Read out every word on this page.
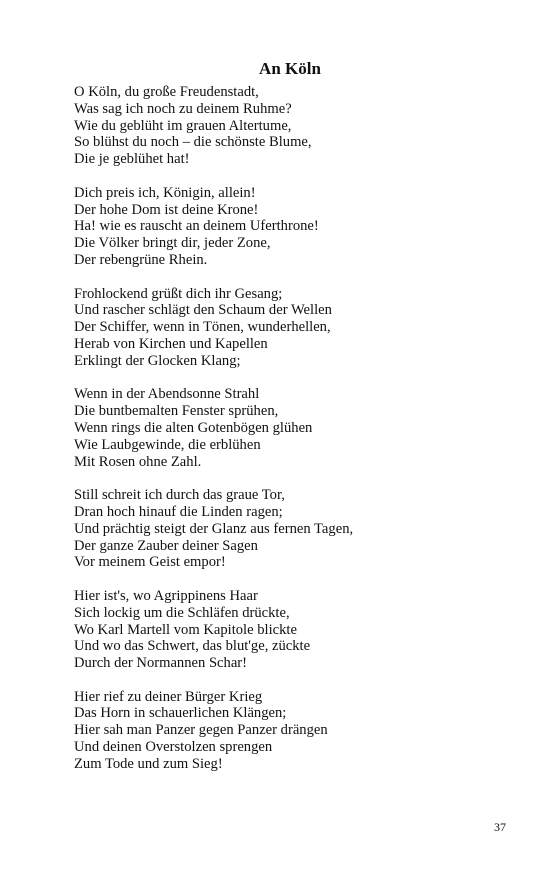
An Köln
O Köln, du große Freudenstadt,
Was sag ich noch zu deinem Ruhme?
Wie du geblüht im grauen Altertume,
So blühst du noch – die schönste Blume,
Die je geblühet hat!
Dich preis ich, Königin, allein!
Der hohe Dom ist deine Krone!
Ha! wie es rauscht an deinem Uferthrone!
Die Völker bringt dir, jeder Zone,
Der rebengrüne Rhein.
Frohlockend grüßt dich ihr Gesang;
Und rascher schlägt den Schaum der Wellen
Der Schiffer, wenn in Tönen, wunderhellen,
Herab von Kirchen und Kapellen
Erklingt der Glocken Klang;
Wenn in der Abendsonne Strahl
Die buntbemalten Fenster sprühen,
Wenn rings die alten Gotenbögen glühen
Wie Laubgewinde, die erblühen
Mit Rosen ohne Zahl.
Still schreit ich durch das graue Tor,
Dran hoch hinauf die Linden ragen;
Und prächtig steigt der Glanz aus fernen Tagen,
Der ganze Zauber deiner Sagen
Vor meinem Geist empor!
Hier ist's, wo Agrippinens Haar
Sich lockig um die Schläfen drückte,
Wo Karl Martell vom Kapitole blickte
Und wo das Schwert, das blut'ge, zückte
Durch der Normannen Schar!
Hier rief zu deiner Bürger Krieg
Das Horn in schauerlichen Klängen;
Hier sah man Panzer gegen Panzer drängen
Und deinen Overstolzen sprengen
Zum Tode und zum Sieg!
37
